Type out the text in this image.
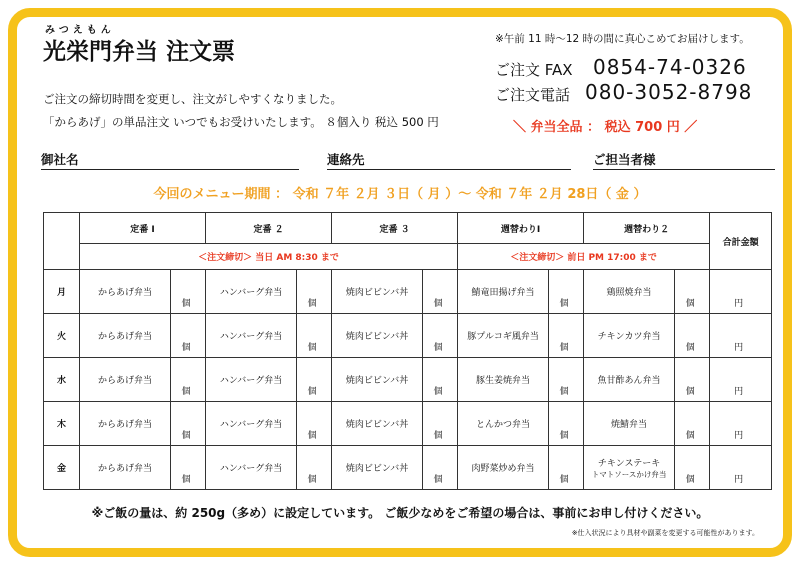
みつえもん
光栄門弁当 注文票
ご注文の締切時間を変更し、注文がしやすくなりました。
「からあげ」の単品注文 いつでもお受けいたします。 ８個入り 税込 500 円
※午前 11 時～12 時の間に真心こめてお届けします。
ご注文 FAX 0854-74-0326
ご注文電話 080-3052-8798
＼ 弁当全品 ： 税込 700 円 ／
御社名	連絡先	ご担当者様
今回のメニュー期間 ： 令和 ７年 ２月 ３日（ 月 ）～ 令和 ７年 ２月 28日（ 金 ）
	定番 Ⅰ		定番 ２		定番 ３		週替わりⅠ		週替わり２		合計金額
	＜注文締切＞ 当日 AM 8:30 まで						＜注文締切＞ 前日 PM 17:00 まで				
月	からあげ弁当	個	ハンバーグ弁当	個	焼肉ビビンバ丼	個	鯖竜田揚げ弁当	個	鶏照焼弁当	個	円
火	からあげ弁当	個	ハンバーグ弁当	個	焼肉ビビンバ丼	個	豚プルコギ風弁当	個	チキンカツ弁当	個	円
水	からあげ弁当	個	ハンバーグ弁当	個	焼肉ビビンバ丼	個	豚生姜焼弁当	個	魚甘酢あん弁当	個	円
木	からあげ弁当	個	ハンバーグ弁当	個	焼肉ビビンバ丼	個	とんかつ弁当	個	焼鯖弁当	個	円
金	からあげ弁当	個	ハンバーグ弁当	個	焼肉ビビンバ丼	個	肉野菜炒め弁当	個	チキンステーキ
トマトソースかけ弁当	個	円
※ご飯の量は、約 250g（多め）に設定しています。 ご飯少なめをご希望の場合は、事前にお申し付けください。
※仕入状況により具材や副菜を変更する可能性があります。
